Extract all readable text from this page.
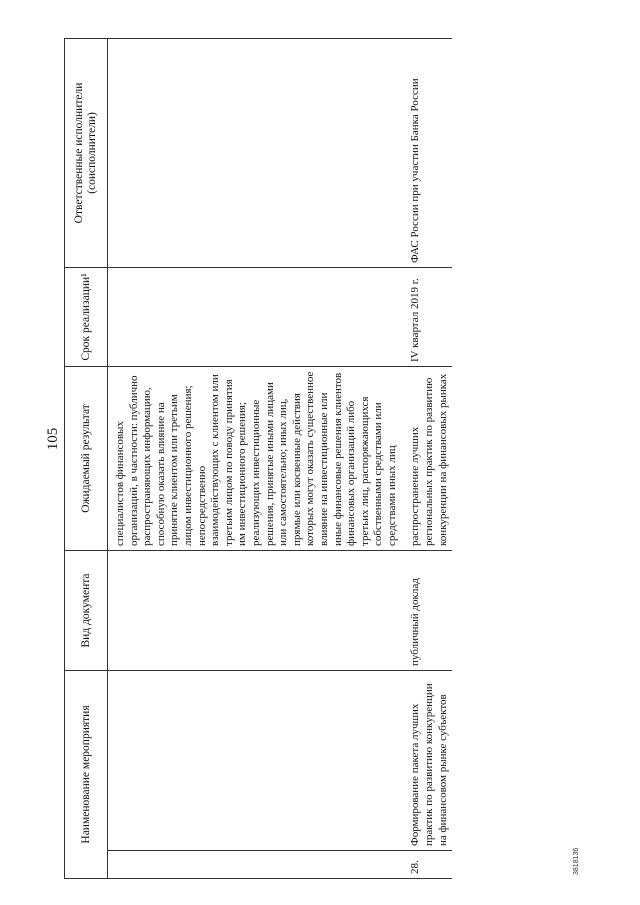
105
Наименование мероприятия		Вид документа	Ожидаемый результат	Срок реализации¹	Ответственные исполнители (соисполнители)
			специалистов финансовых организаций, в частности: публично распространяющих информацию, способную оказать влияние на принятие клиентом или третьим лицом инвестиционного решения; непосредственно взаимодействующих с клиентом или третьим лицом по поводу принятия им инвестиционного решения; реализующих инвестиционные решения, принятые иными лицами или самостоятельно; иных лиц, прямые или косвенные действия которых могут оказать существенное влияние на инвестиционные или иные финансовые решения клиентов финансовых организаций либо третьих лиц, распоряжающихся собственными средствами или средствами иных лиц		
28.	Формирование пакета лучших практик по развитию конкуренции на финансовом рынке субъектов	публичный доклад	распространение лучших региональных практик по развитию конкуренции на финансовых рынках	IV квартал 2019 г.	ФАС России при участии Банка России
3818136
